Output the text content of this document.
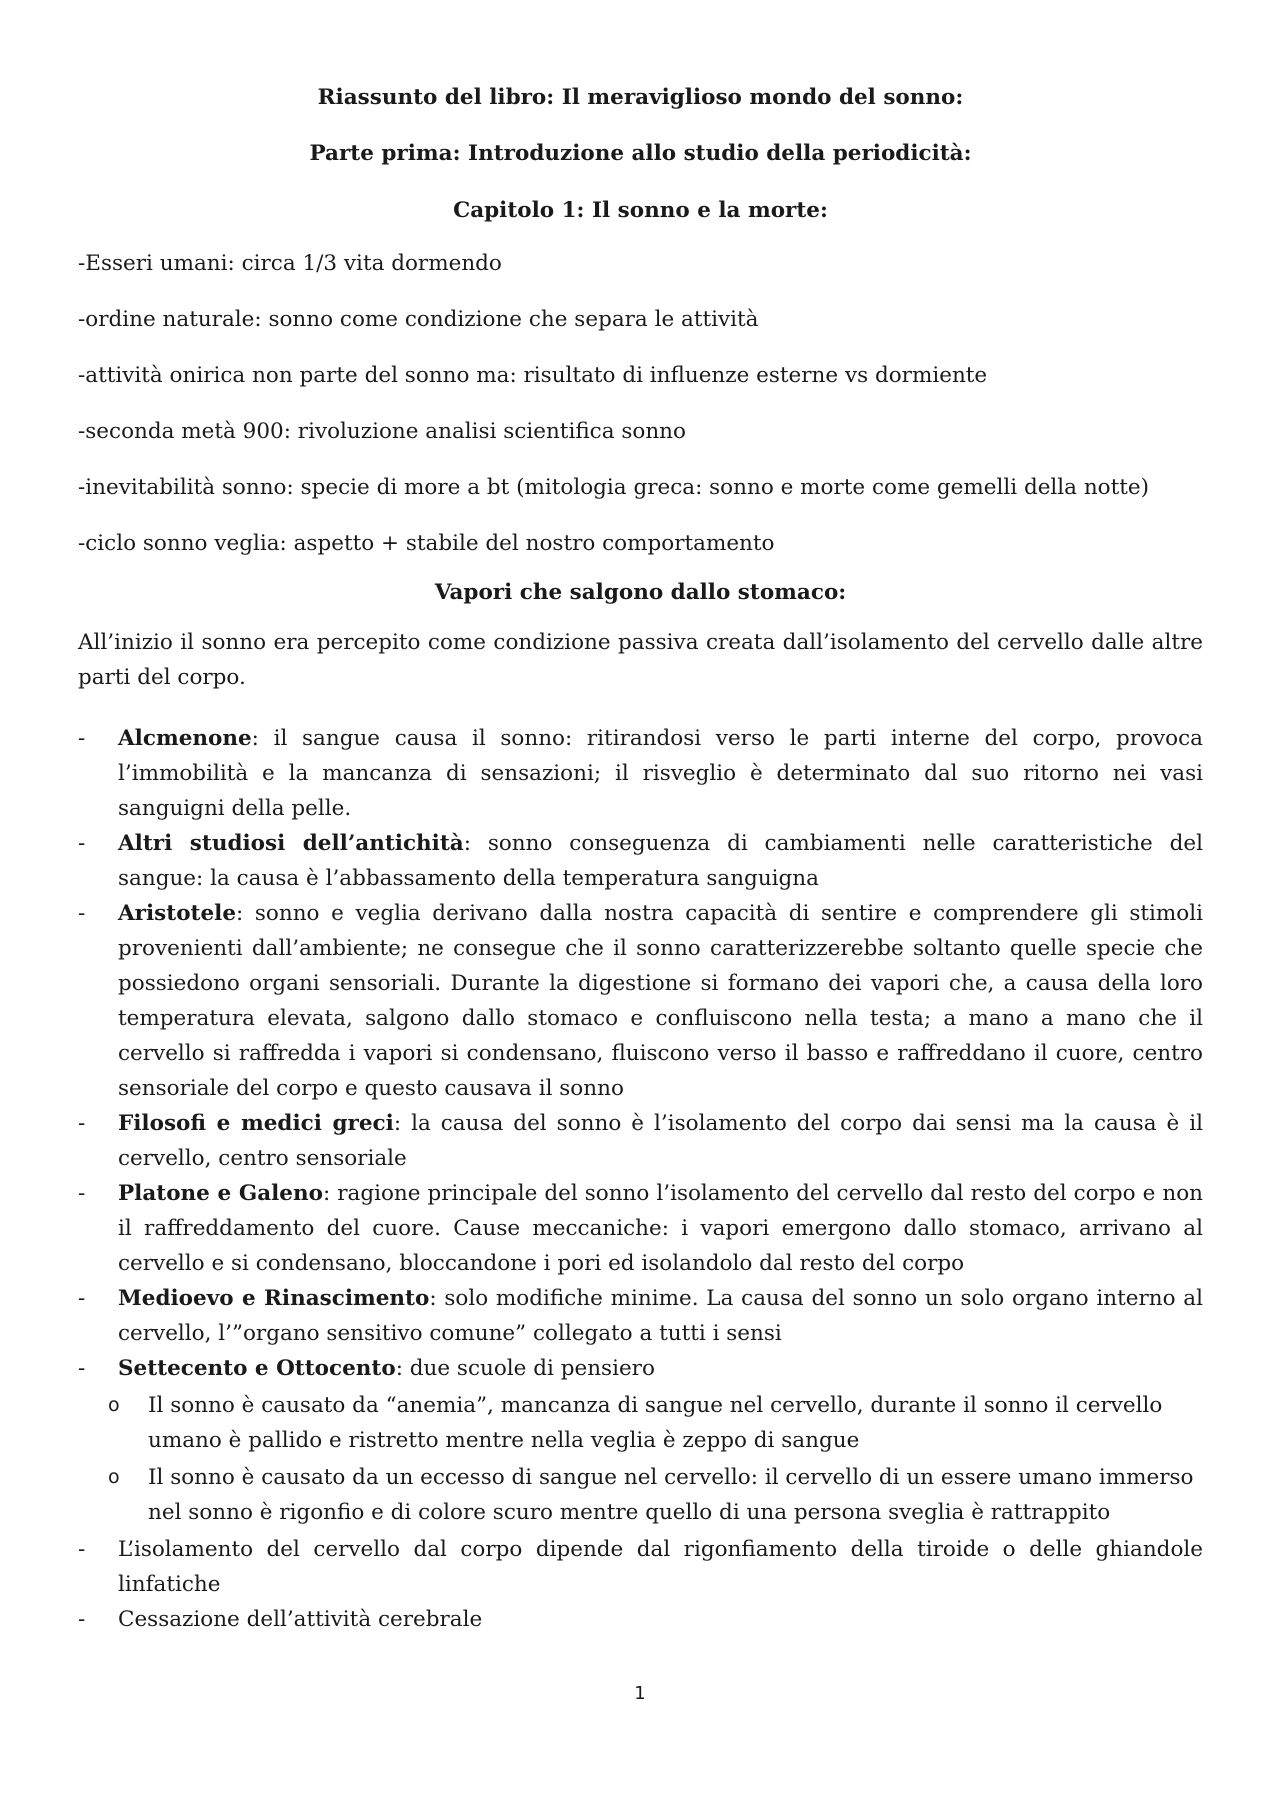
Riassunto del libro: Il meraviglioso mondo del sonno:
Parte prima: Introduzione allo studio della periodicità:
Capitolo 1: Il sonno e la morte:
-Esseri umani: circa 1/3 vita dormendo
-ordine naturale: sonno come condizione che separa le attività
-attività onirica non parte del sonno ma: risultato di influenze esterne vs dormiente
-seconda metà 900: rivoluzione analisi scientifica sonno
-inevitabilità sonno: specie di more a bt (mitologia greca: sonno e morte come gemelli della notte)
-ciclo sonno veglia: aspetto + stabile del nostro comportamento
Vapori che salgono dallo stomaco:
All’inizio il sonno era percepito come condizione passiva creata dall’isolamento del cervello dalle altre parti del corpo.
- Alcmenone: il sangue causa il sonno: ritirandosi verso le parti interne del corpo, provoca l’immobilità e la mancanza di sensazioni; il risveglio è determinato dal suo ritorno nei vasi sanguigni della pelle.
- Altri studiosi dell’antichità: sonno conseguenza di cambiamenti nelle caratteristiche del sangue: la causa è l’abbassamento della temperatura sanguigna
- Aristotele: sonno e veglia derivano dalla nostra capacità di sentire e comprendere gli stimoli provenienti dall’ambiente; ne consegue che il sonno caratterizzerebbe soltanto quelle specie che possiedono organi sensoriali. Durante la digestione si formano dei vapori che, a causa della loro temperatura elevata, salgono dallo stomaco e confluiscono nella testa; a mano a mano che il cervello si raffredda i vapori si condensano, fluiscono verso il basso e raffreddano il cuore, centro sensoriale del corpo e questo causava il sonno
- Filosofi e medici greci: la causa del sonno è l’isolamento del corpo dai sensi ma la causa è il cervello, centro sensoriale
- Platone e Galeno: ragione principale del sonno l’isolamento del cervello dal resto del corpo e non il raffreddamento del cuore. Cause meccaniche: i vapori emergono dallo stomaco, arrivano al cervello e si condensano, bloccandone i pori ed isolandolo dal resto del corpo
- Medioevo e Rinascimento: solo modifiche minime. La causa del sonno un solo organo interno al cervello, l’”organo sensitivo comune” collegato a tutti i sensi
- Settecento e Ottocento: due scuole di pensiero
o Il sonno è causato da “anemia”, mancanza di sangue nel cervello, durante il sonno il cervello umano è pallido e ristretto mentre nella veglia è zeppo di sangue
o Il sonno è causato da un eccesso di sangue nel cervello: il cervello di un essere umano immerso nel sonno è rigonfio e di colore scuro mentre quello di una persona sveglia è rattrappito
- L’isolamento del cervello dal corpo dipende dal rigonfiamento della tiroide o delle ghiandole linfatiche
- Cessazione dell’attività cerebrale
1
